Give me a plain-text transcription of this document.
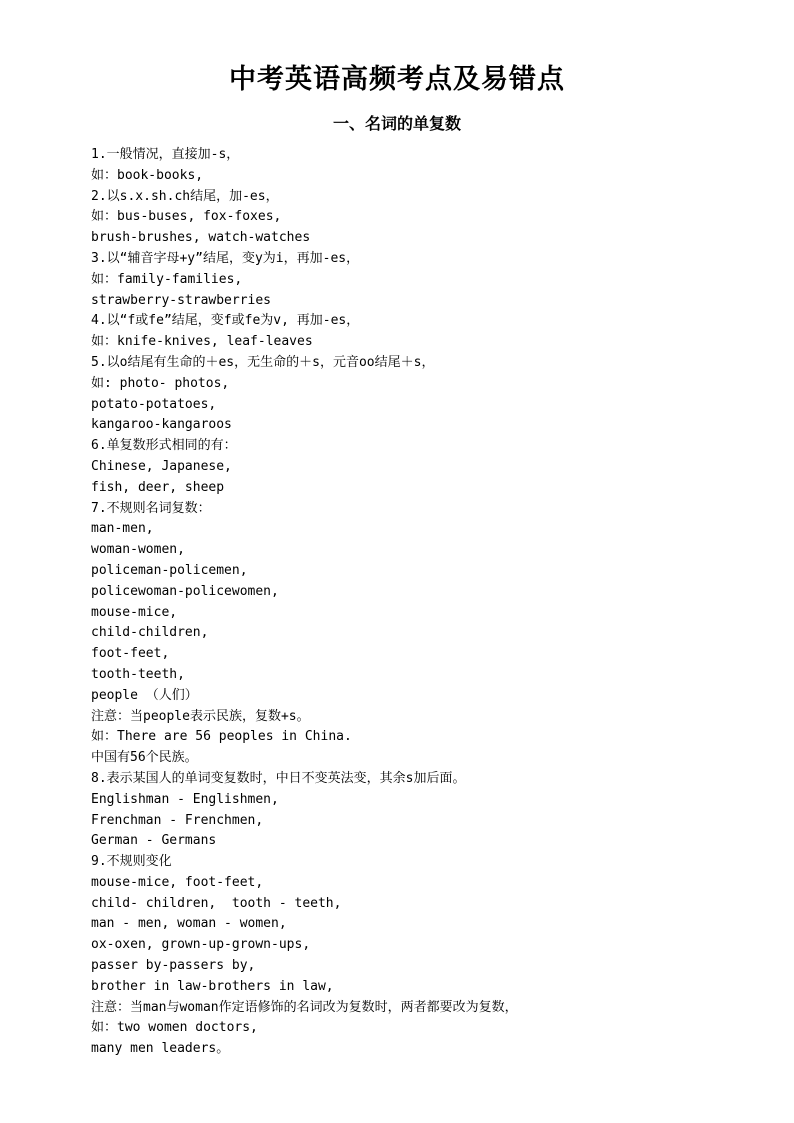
中考英语高频考点及易错点
一、名词的单复数
1.一般情况，直接加-s，
如：book-books,
2.以s.x.sh.ch结尾，加-es，
如：bus-buses, fox-foxes,
brush-brushes, watch-watches
3.以“辅音字母+y”结尾，变y为i，再加-es，
如：family-families,
strawberry-strawberries
4.以“f或fe”结尾，变f或fe为v, 再加-es，
如：knife-knives, leaf-leaves
5.以o结尾有生命的＋es，无生命的＋s，元音oo结尾＋s，
如: photo- photos,
potato-potatoes,
kangaroo-kangaroos
6.单复数形式相同的有：
Chinese, Japanese,
fish, deer, sheep
7.不规则名词复数：
man-men,
woman-women,
policeman-policemen,
policewoman-policewomen,
mouse-mice,
child-children,
foot-feet,
tooth-teeth,
people （人们）
注意：当people表示民族，复数+s。
如：There are 56 peoples in China.
中国有56个民族。
8.表示某国人的单词变复数时，中日不变英法变，其余s加后面。
Englishman - Englishmen,
Frenchman - Frenchmen,
German - Germans
9.不规则变化
mouse-mice, foot-feet,
child- children,  tooth - teeth,
man - men, woman - women,
ox-oxen, grown-up-grown-ups,
passer by-passers by,
brother in law-brothers in law,
注意：当man与woman作定语修饰的名词改为复数时，两者都要改为复数，
如：two women doctors,
many men leaders。
